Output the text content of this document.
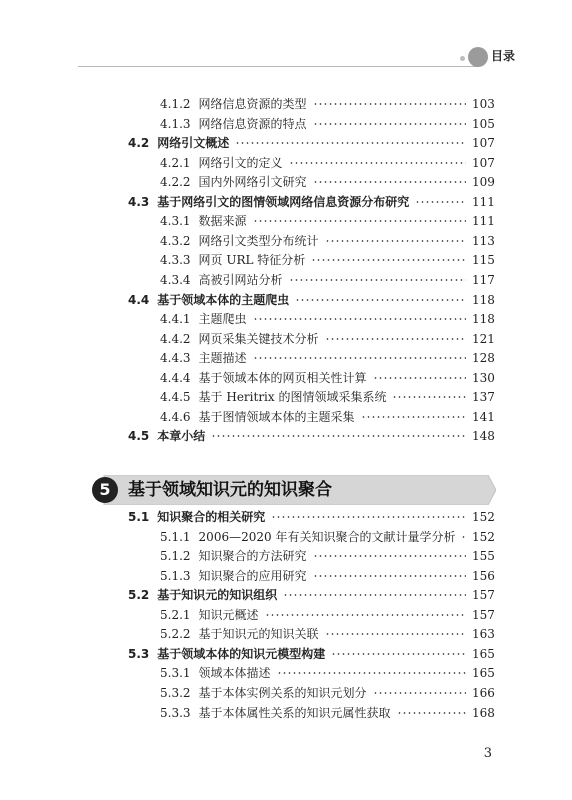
目录
4.1.2 网络信息资源的类型	103
4.1.3 网络信息资源的特点	105
4.2 网络引文概述	107
4.2.1 网络引文的定义	107
4.2.2 国内外网络引文研究	109
4.3 基于网络引文的图情领域网络信息资源分布研究	111
4.3.1 数据来源	111
4.3.2 网络引文类型分布统计	113
4.3.3 网页 URL 特征分析	115
4.3.4 高被引网站分析	117
4.4 基于领域本体的主题爬虫	118
4.4.1 主题爬虫	118
4.4.2 网页采集关键技术分析	121
4.4.3 主题描述	128
4.4.4 基于领域本体的网页相关性计算	130
4.4.5 基于 Heritrix 的图情领域采集系统	137
4.4.6 基于图情领域本体的主题采集	141
4.5 本章小结	148
5	基于领域知识元的知识聚合
5.1 知识聚合的相关研究	152
5.1.1 2006—2020 年有关知识聚合的文献计量学分析 152
5.1.2 知识聚合的方法研究	155
5.1.3 知识聚合的应用研究	156
5.2 基于知识元的知识组织	157
5.2.1 知识元概述	157
5.2.2 基于知识元的知识关联	163
5.3 基于领域本体的知识元模型构建	165
5.3.1 领域本体描述	165
5.3.2 基于本体实例关系的知识元划分	166
5.3.3 基于本体属性关系的知识元属性获取	168
3
